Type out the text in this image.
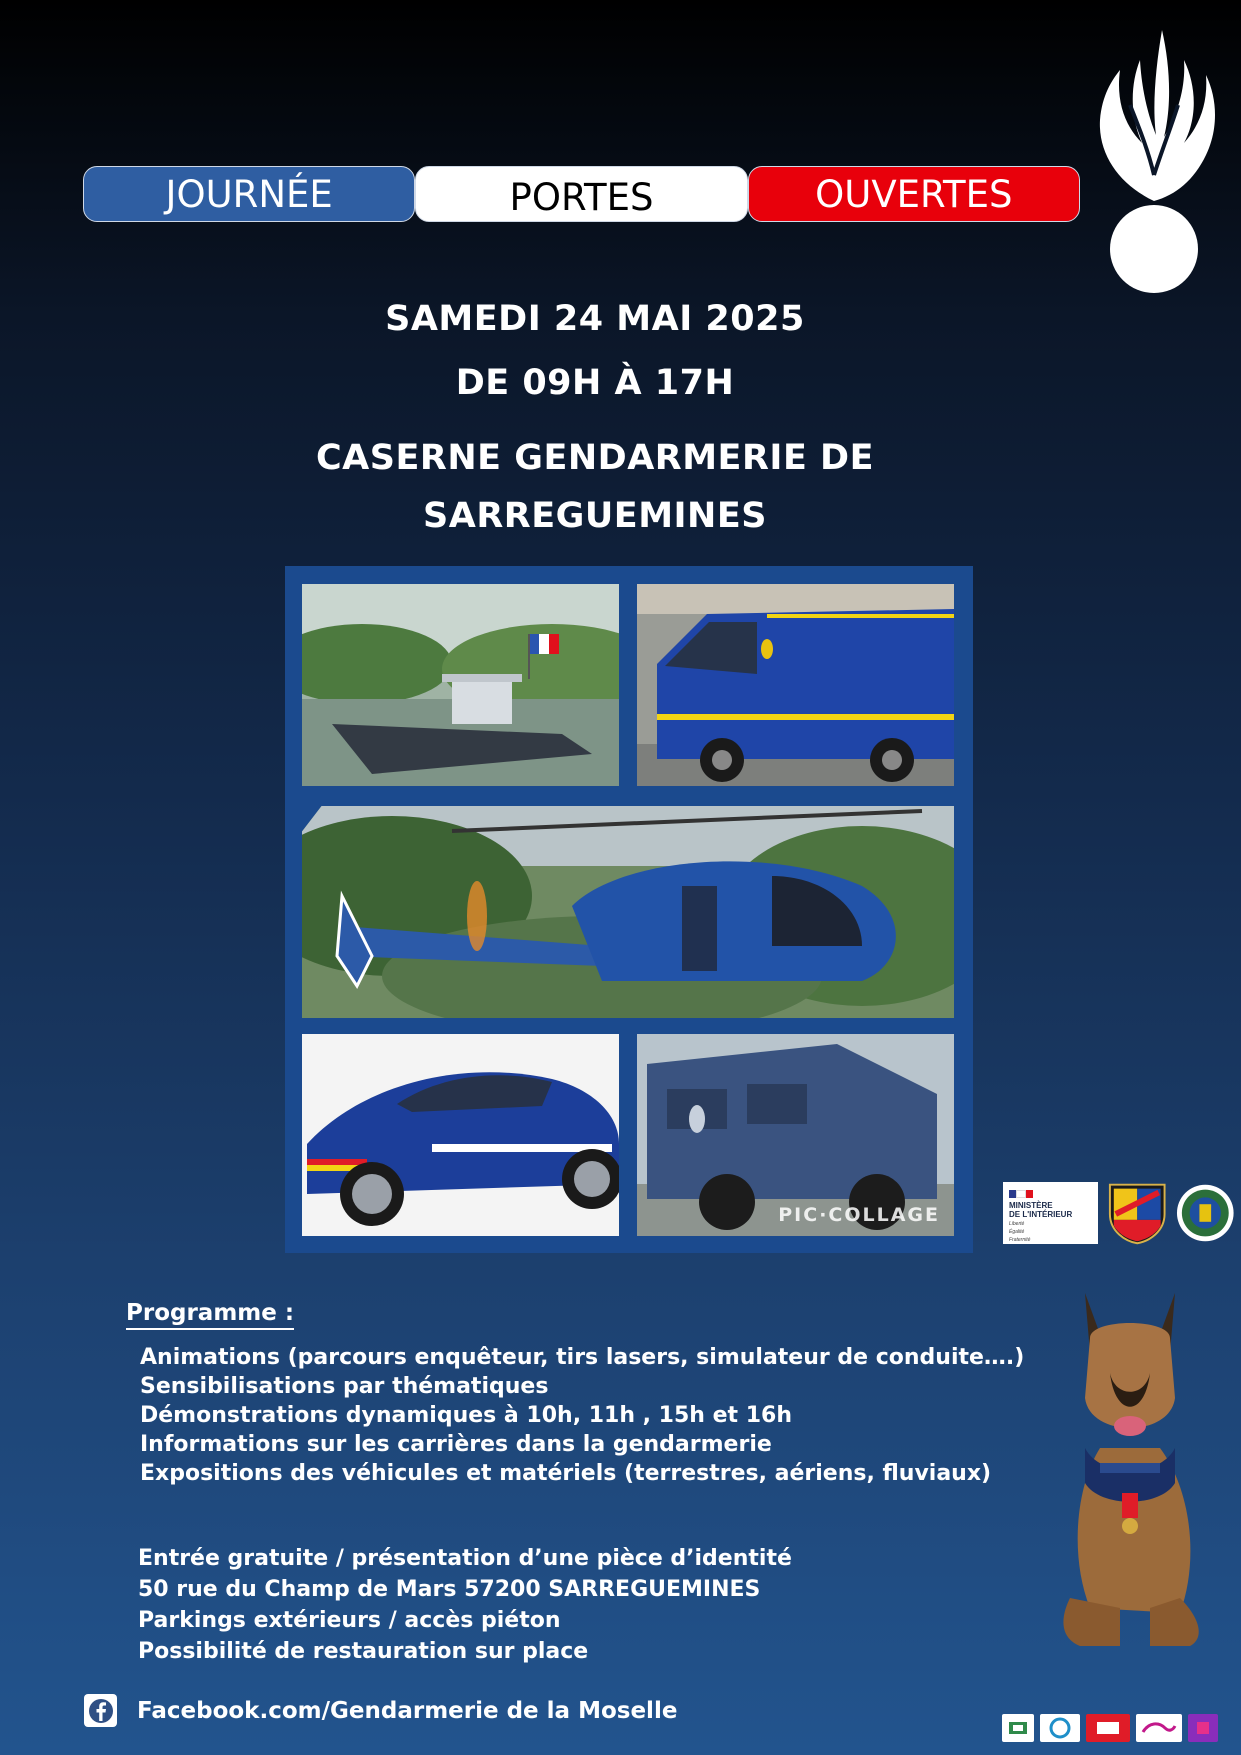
JOURNÉE	PORTES	OUVERTES
SAMEDI 24 MAI 2025
DE 09H À 17H
CASERNE GENDARMERIE DE
SARREGUEMINES
PIC·COLLAGE	MINISTÈRE
DE L'INTÉRIEUR
Liberté
Égalité
Fraternité
Programme :
Animations (parcours enquêteur, tirs lasers, simulateur de conduite….)
Sensibilisations par thématiques
Démonstrations dynamiques à 10h, 11h , 15h et 16h
Informations sur les carrières dans la gendarmerie
Expositions des véhicules et matériels (terrestres, aériens, fluviaux)
Entrée gratuite / présentation d’une pièce d’identité
50 rue du Champ de Mars 57200 SARREGUEMINES
Parkings extérieurs / accès piéton
Possibilité de restauration sur place
Facebook.com/Gendarmerie de la Moselle
